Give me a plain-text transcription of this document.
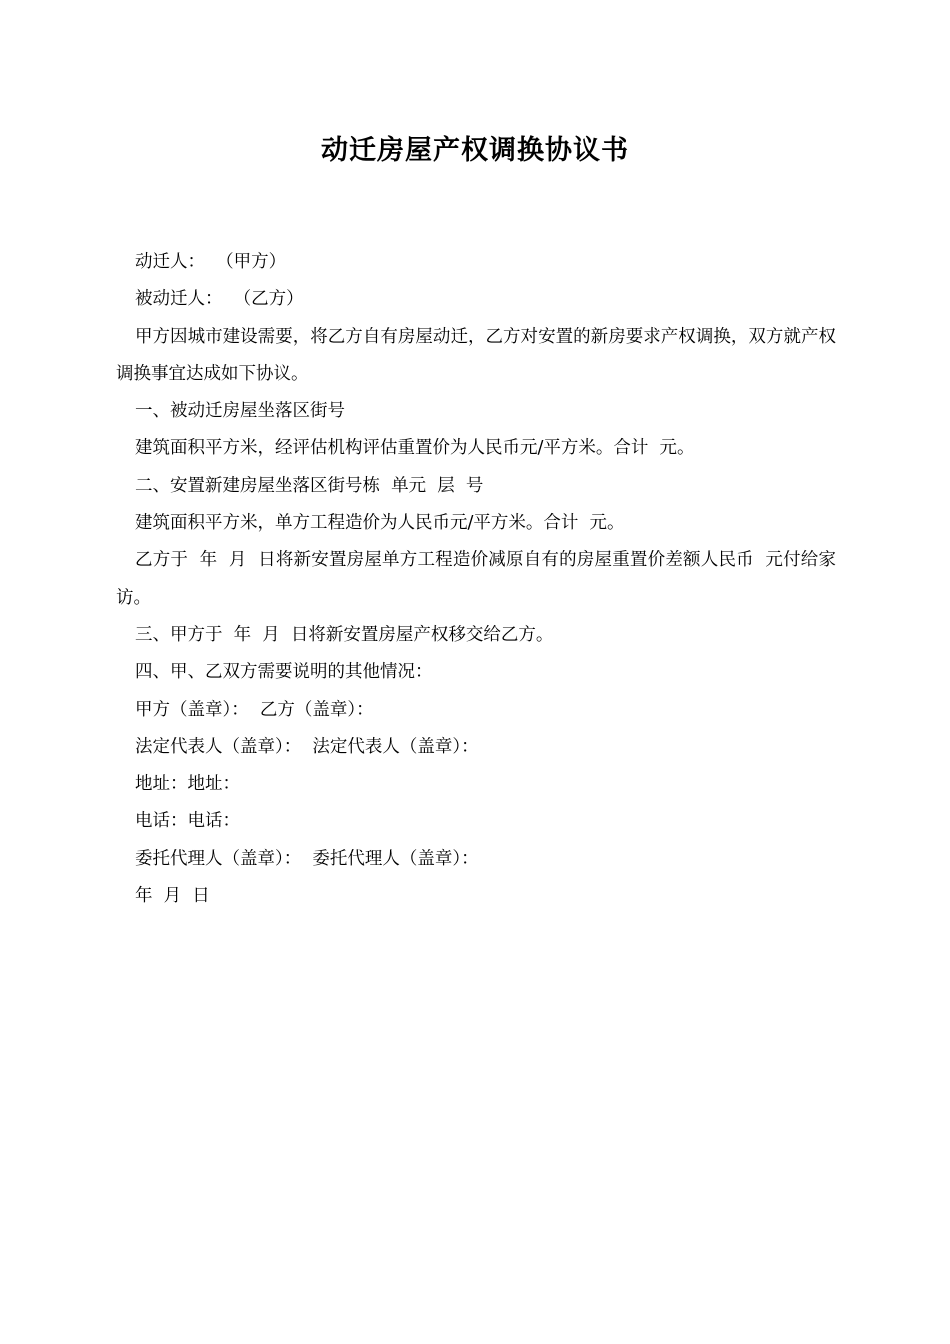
动迁房屋产权调换协议书

动迁人：  （甲方）

被动迁人：  （乙方）

甲方因城市建设需要，将乙方自有房屋动迁，乙方对安置的新房要求产权调换，双方就产权调换事宜达成如下协议。

一、被动迁房屋坐落区街号

建筑面积平方米，经评估机构评估重置价为人民币元/平方米。合计  元。

二、安置新建房屋坐落区街号栋  单元  层  号

建筑面积平方米，单方工程造价为人民币元/平方米。合计  元。

乙方于  年  月  日将新安置房屋单方工程造价减原自有的房屋重置价差额人民币  元付给家访。

三、甲方于  年  月  日将新安置房屋产权移交给乙方。

四、甲、乙双方需要说明的其他情况：

甲方（盖章）：  乙方（盖章）：

法定代表人（盖章）：  法定代表人（盖章）：

地址：地址：

电话：电话：

委托代理人（盖章）：  委托代理人（盖章）：

年  月  日
